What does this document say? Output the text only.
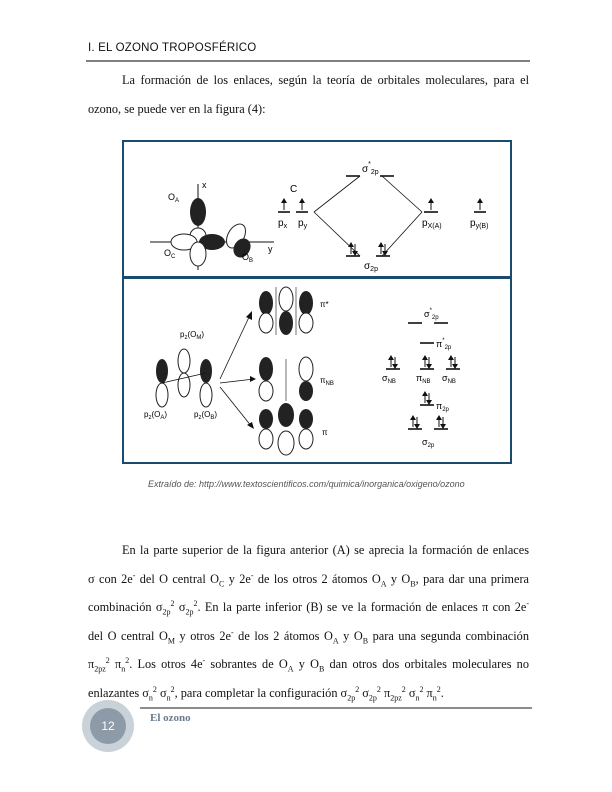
I. EL OZONO TROPOSFÉRICO
La formación de los enlaces, según la teoría de orbitales moleculares, para el
ozono, se puede ver en la figura (4):
x
y
$O_A$
$O_C$	$O_B$
C
$\sigma^*_{2p}$
$p_x$ $p_y$	$p_{X(A)}$	$p_{y(B)}$
$\sigma_{2p}$
$p_z(O_M)$
$p_z(O_A)$	$p_z(O_B)$
π*
$\pi_{NB}$
π
$\sigma^*_{2p}$
$\pi^*_{2p}$
$\sigma_{NB}$ $\pi_{NB}$ $\sigma_{NB}$
$\pi_{2p}$
$\sigma_{2p}$
Extraído de: http://www.textoscientificos.com/quimica/inorganica/oxigeno/ozono
En la parte superior de la figura anterior (A) se aprecia la formación de enlaces
σ con 2e- del O central $O_C$ y 2e- de los otros 2 átomos $O_A$ y $O_B$, para dar una primera
combinación $\sigma_{2p}^2$ $\sigma_{2p}^2$. En la parte inferior (B) se ve la formación de enlaces π con 2e-
del O central $O_M$ y otros 2e- de los 2 átomos $O_A$ y $O_B$ para una segunda combinación
$\pi_{2pz}^2$ $\pi_n^2$. Los otros 4e- sobrantes de $O_A$ y $O_B$ dan otros dos orbitales moleculares no
enlazantes $\sigma_n^2$ $\sigma_n^2$, para completar la configuración $\sigma_{2p}^2$ $\sigma_{2p}^2$ $\pi_{2pz}^2$ $\sigma_n^2$ $\pi_n^2$.
El ozono
12
